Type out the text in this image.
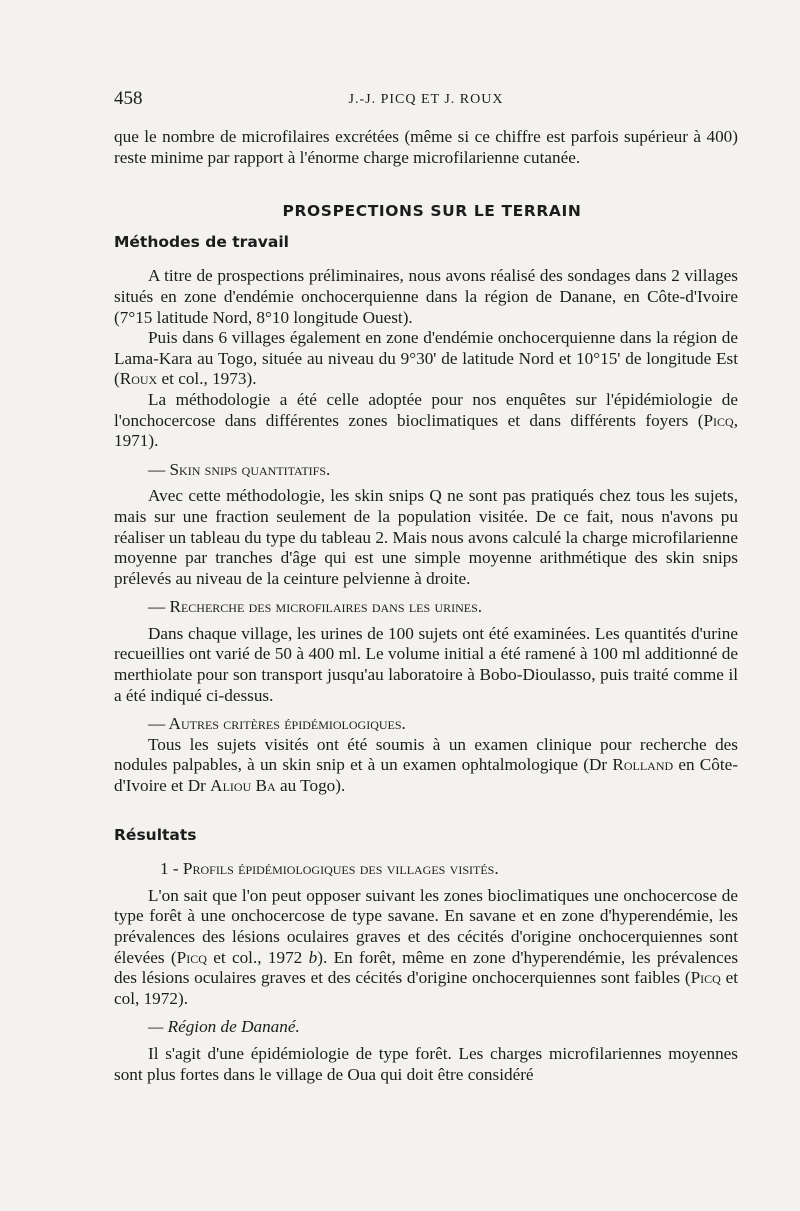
458	J.-J. PICQ ET J. ROUX

que le nombre de microfilaires excrétées (même si ce chiffre est parfois supérieur à 400) reste minime par rapport à l'énorme charge microfilarienne cutanée.

PROSPECTIONS SUR LE TERRAIN
Méthodes de travail

A titre de prospections préliminaires, nous avons réalisé des sondages dans 2 villages situés en zone d'endémie onchocerquienne dans la région de Danane, en Côte-d'Ivoire (7°15 latitude Nord, 8°10 longitude Ouest).

Puis dans 6 villages également en zone d'endémie onchocerquienne dans la région de Lama-Kara au Togo, située au niveau du 9°30' de latitude Nord et 10°15' de longitude Est (Roux et col., 1973).

La méthodologie a été celle adoptée pour nos enquêtes sur l'épidémiologie de l'onchocercose dans différentes zones bioclimatiques et dans différents foyers (Picq, 1971).

— Skin snips quantitatifs.

Avec cette méthodologie, les skin snips Q ne sont pas pratiqués chez tous les sujets, mais sur une fraction seulement de la population visitée. De ce fait, nous n'avons pu réaliser un tableau du type du tableau 2. Mais nous avons calculé la charge microfilarienne moyenne par tranches d'âge qui est une simple moyenne arithmétique des skin snips prélevés au niveau de la ceinture pelvienne à droite.

— Recherche des microfilaires dans les urines.

Dans chaque village, les urines de 100 sujets ont été examinées. Les quantités d'urine recueillies ont varié de 50 à 400 ml. Le volume initial a été ramené à 100 ml additionné de merthiolate pour son transport jusqu'au laboratoire à Bobo-Dioulasso, puis traité comme il a été indiqué ci-dessus.

— Autres critères épidémiologiques.

Tous les sujets visités ont été soumis à un examen clinique pour recherche des nodules palpables, à un skin snip et à un examen ophtalmologique (Dr Rolland en Côte-d'Ivoire et Dr Aliou Ba au Togo).

Résultats

1 - Profils épidémiologiques des villages visités.

L'on sait que l'on peut opposer suivant les zones bioclimatiques une onchocercose de type forêt à une onchocercose de type savane. En savane et en zone d'hyperendémie, les prévalences des lésions oculaires graves et des cécités d'origine onchocerquiennes sont élevées (Picq et col., 1972 b). En forêt, même en zone d'hyperendémie, les prévalences des lésions oculaires graves et des cécités d'origine onchocerquiennes sont faibles (Picq et col, 1972).

— Région de Danané.

Il s'agit d'une épidémiologie de type forêt. Les charges microfilariennes moyennes sont plus fortes dans le village de Oua qui doit être considéré
